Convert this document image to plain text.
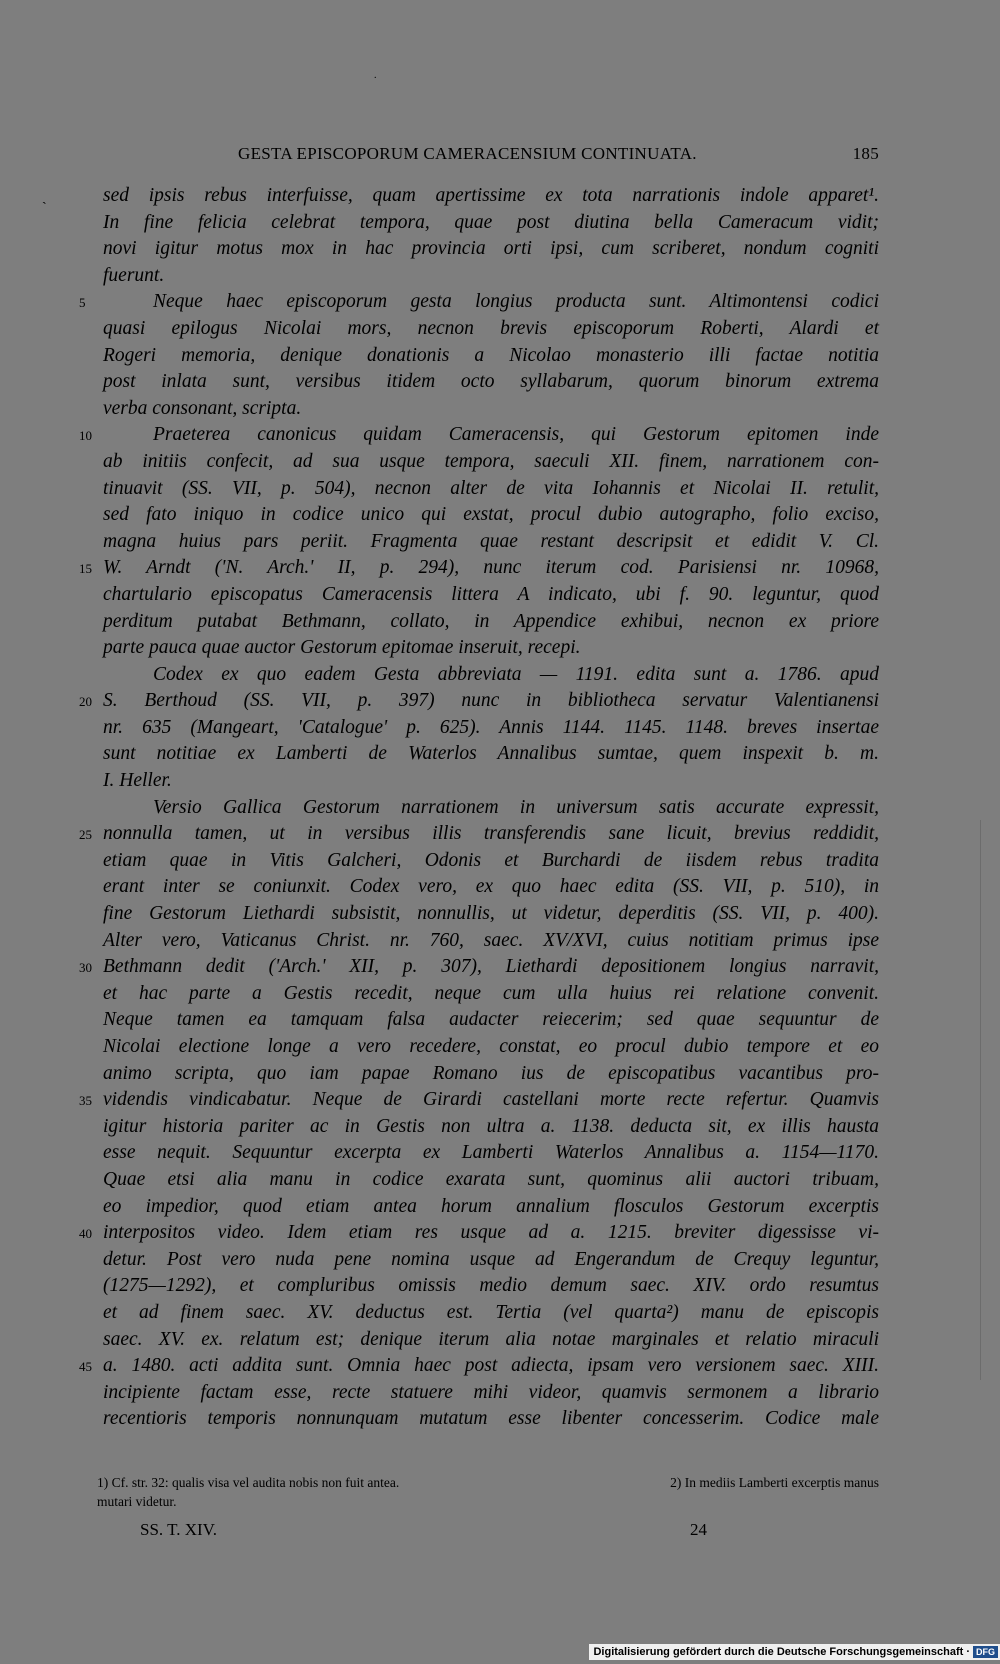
.
ˎ
GESTA EPISCOPORUM CAMERACENSIUM CONTINUATA.	185
sed ipsis rebus interfuisse, quam apertissime ex tota narrationis indole apparet¹.
In fine felicia celebrat tempora, quae post diutina bella Cameracum vidit;
novi igitur motus mox in hac provincia orti ipsi, cum scriberet, nondum cogniti
fuerunt.
5	Neque haec episcoporum gesta longius producta sunt. Altimontensi codici
quasi epilogus Nicolai mors, necnon brevis episcoporum Roberti, Alardi et
Rogeri memoria, denique donationis a Nicolao monasterio illi factae notitia
post inlata sunt, versibus itidem octo syllabarum, quorum binorum extrema
verba consonant, scripta.
10	Praeterea canonicus quidam Cameracensis, qui Gestorum epitomen inde
ab initiis confecit, ad sua usque tempora, saeculi XII. finem, narrationem con-
tinuavit (SS. VII, p. 504), necnon alter de vita Iohannis et Nicolai II. retulit,
sed fato iniquo in codice unico qui exstat, procul dubio autographo, folio exciso,
magna huius pars periit. Fragmenta quae restant descripsit et edidit V. Cl.
15 W. Arndt ('N. Arch.' II, p. 294), nunc iterum cod. Parisiensi nr. 10968,
chartulario episcopatus Cameracensis littera A indicato, ubi f. 90. leguntur, quod
perditum putabat Bethmann, collato, in Appendice exhibui, necnon ex priore
parte pauca quae auctor Gestorum epitomae inseruit, recepi.
Codex ex quo eadem Gesta abbreviata — 1191. edita sunt a. 1786. apud
20 S. Berthoud (SS. VII, p. 397) nunc in bibliotheca servatur Valentianensi
nr. 635 (Mangeart, 'Catalogue' p. 625). Annis 1144. 1145. 1148. breves insertae
sunt notitiae ex Lamberti de Waterlos Annalibus sumtae, quem inspexit b. m.
I. Heller.
Versio Gallica Gestorum narrationem in universum satis accurate expressit,
25 nonnulla tamen, ut in versibus illis transferendis sane licuit, brevius reddidit,
etiam quae in Vitis Galcheri, Odonis et Burchardi de iisdem rebus tradita
erant inter se coniunxit. Codex vero, ex quo haec edita (SS. VII, p. 510), in
fine Gestorum Liethardi subsistit, nonnullis, ut videtur, deperditis (SS. VII, p. 400).
Alter vero, Vaticanus Christ. nr. 760, saec. XV/XVI, cuius notitiam primus ipse
30 Bethmann dedit ('Arch.' XII, p. 307), Liethardi depositionem longius narravit,
et hac parte a Gestis recedit, neque cum ulla huius rei relatione convenit.
Neque tamen ea tamquam falsa audacter reiecerim; sed quae sequuntur de
Nicolai electione longe a vero recedere, constat, eo procul dubio tempore et eo
animo scripta, quo iam papae Romano ius de episcopatibus vacantibus pro-
35 videndis vindicabatur. Neque de Girardi castellani morte recte refertur. Quamvis
igitur historia pariter ac in Gestis non ultra a. 1138. deducta sit, ex illis hausta
esse nequit. Sequuntur excerpta ex Lamberti Waterlos Annalibus a. 1154—1170.
Quae etsi alia manu in codice exarata sunt, quominus alii auctori tribuam,
eo impedior, quod etiam antea horum annalium flosculos Gestorum excerptis
40 interpositos video. Idem etiam res usque ad a. 1215. breviter digessisse vi-
detur. Post vero nuda pene nomina usque ad Engerandum de Crequy leguntur,
(1275—1292), et compluribus omissis medio demum saec. XIV. ordo resumtus
et ad finem saec. XV. deductus est. Tertia (vel quarta²) manu de episcopis
saec. XV. ex. relatum est; denique iterum alia notae marginales et relatio miraculi
45 a. 1480. acti addita sunt. Omnia haec post adiecta, ipsam vero versionem saec. XIII.
incipiente factam esse, recte statuere mihi videor, quamvis sermonem a librario
recentioris temporis nonnunquam mutatum esse libenter concesserim. Codice male
1) Cf. str. 32: qualis visa vel audita nobis non fuit antea.	2) In mediis Lamberti excerptis manus
mutari videtur.
SS. T. XIV.	24
Digitalisierung gefördert durch die Deutsche Forschungsgemeinschaft · DFG
